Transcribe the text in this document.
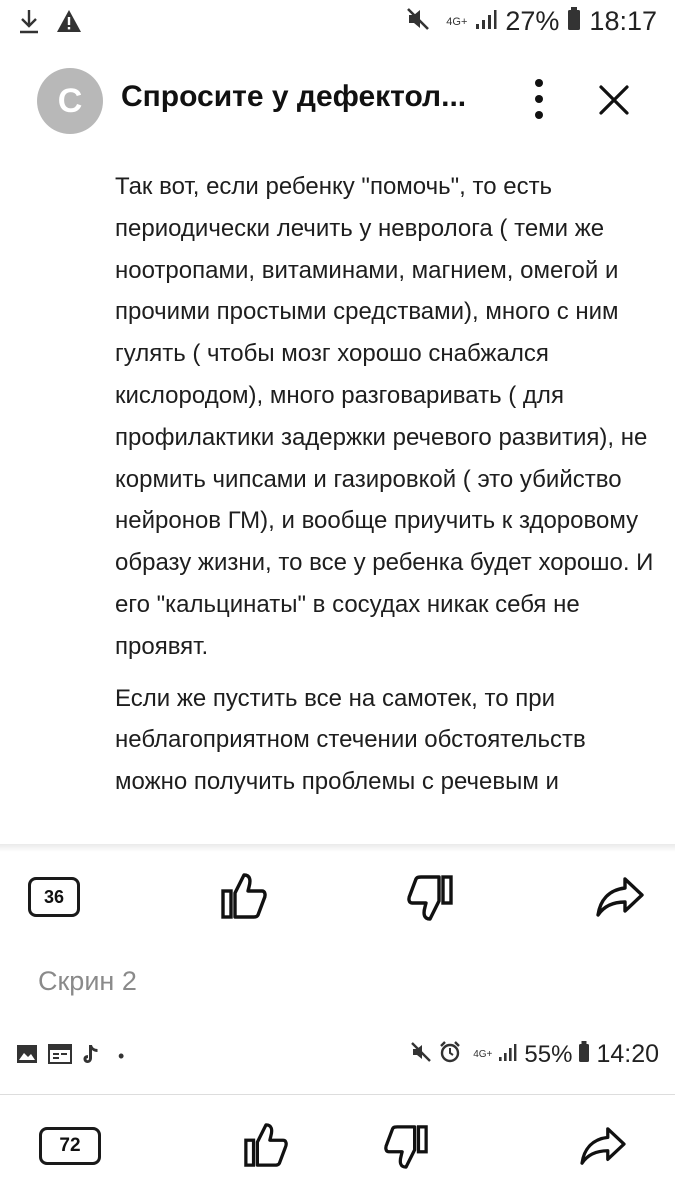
4G+ 27% 18:17
С	Спросите у дефектол...

Так вот, если ребенку "помочь", то есть периодически лечить у невролога ( теми же ноотропами, витаминами, магнием, омегой и прочими простыми средствами), много с ним гулять ( чтобы мозг хорошо снабжался кислородом), много разговаривать ( для профилактики задержки речевого развития), не кормить чипсами и газировкой ( это убийство нейронов ГМ), и вообще приучить к здоровому образу жизни, то все у ребенка будет хорошо. И его "кальцинаты" в сосудах никак себя не проявят.

Если же пустить все на самотек, то при неблагоприятном стечении обстоятельств можно получить проблемы с речевым и

36
Скрин 2
•	4G+ 55% 14:20
72
